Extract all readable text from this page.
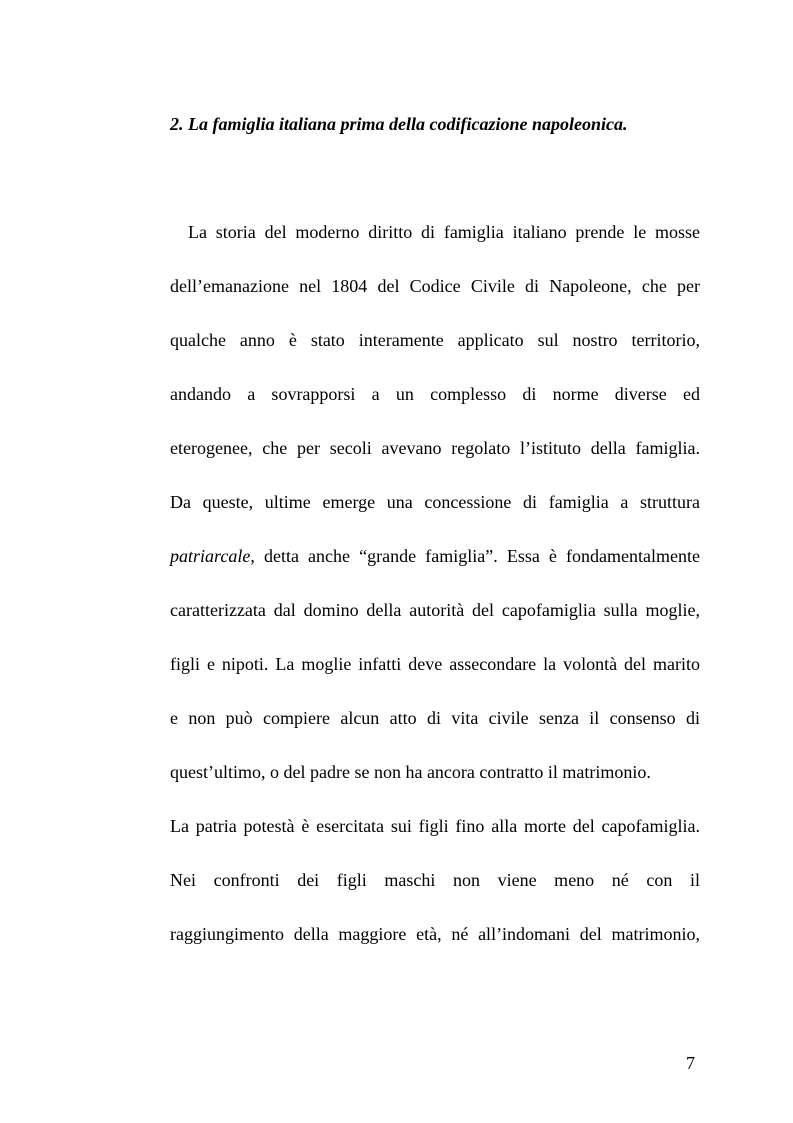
2. La famiglia italiana prima della codificazione napoleonica.
La storia del moderno diritto di famiglia italiano prende le mosse
dell’emanazione nel 1804 del Codice Civile di Napoleone, che per
qualche anno è stato interamente applicato sul nostro territorio,
andando a sovrapporsi a un complesso di norme diverse ed
eterogenee, che per secoli avevano regolato l’istituto della famiglia.
Da queste, ultime emerge una concessione di famiglia a struttura
patriarcale, detta anche “grande famiglia”. Essa è fondamentalmente
caratterizzata dal domino della autorità del capofamiglia sulla moglie,
figli e nipoti. La moglie infatti deve assecondare la volontà del marito
e non può compiere alcun atto di vita civile senza il consenso di
quest’ultimo, o del padre se non ha ancora contratto il matrimonio.
La patria potestà è esercitata sui figli fino alla morte del capofamiglia.
Nei confronti dei figli maschi non viene meno né con il
raggiungimento della maggiore età, né all’indomani del matrimonio,
7
